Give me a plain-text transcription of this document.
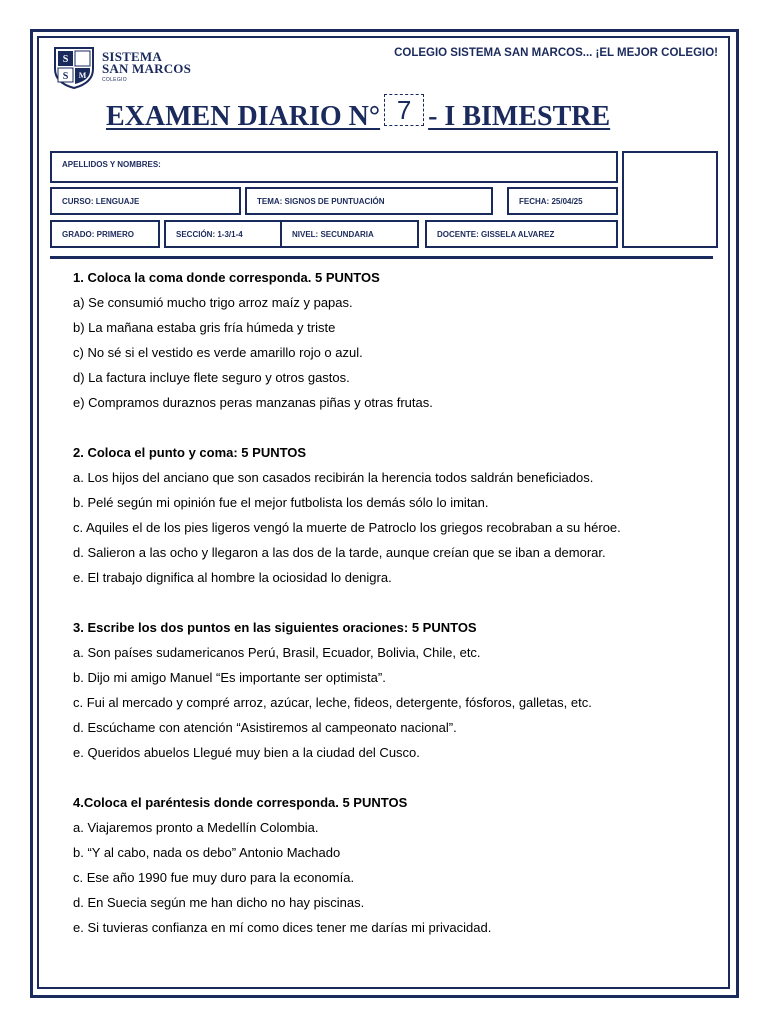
S
S M
SISTEMA
SAN MARCOS
COLEGIO
COLEGIO SISTEMA SAN MARCOS... ¡EL MEJOR COLEGIO!
EXAMEN DIARIO N° 7 - I BIMESTRE
APELLIDOS Y NOMBRES:
CURSO: LENGUAJE	TEMA: SIGNOS DE PUNTUACIÓN	FECHA: 25/04/25
GRADO: PRIMERO	SECCIÓN: 1-3/1-4	NIVEL: SECUNDARIA	DOCENTE: GISSELA ALVAREZ
1. Coloca la coma donde corresponda. 5 PUNTOS
a) Se consumió mucho trigo arroz maíz y papas.
b) La mañana estaba gris fría húmeda y triste
c) No sé si el vestido es verde amarillo rojo o azul.
d) La factura incluye flete seguro y otros gastos.
e) Compramos duraznos peras manzanas piñas y otras frutas.
2. Coloca el punto y coma: 5 PUNTOS
a. Los hijos del anciano que son casados recibirán la herencia todos saldrán beneficiados.
b. Pelé según mi opinión fue el mejor futbolista los demás sólo lo imitan.
c. Aquiles el de los pies ligeros vengó la muerte de Patroclo los griegos recobraban a su héroe.
d. Salieron a las ocho y llegaron a las dos de la tarde, aunque creían que se iban a demorar.
e. El trabajo dignifica al hombre la ociosidad lo denigra.
3. Escribe los dos puntos en las siguientes oraciones: 5 PUNTOS
a. Son países sudamericanos Perú, Brasil, Ecuador, Bolivia, Chile, etc.
b. Dijo mi amigo Manuel “Es importante ser optimista”.
c. Fui al mercado y compré arroz, azúcar, leche, fideos, detergente, fósforos, galletas, etc.
d. Escúchame con atención “Asistiremos al campeonato nacional”.
e. Queridos abuelos Llegué muy bien a la ciudad del Cusco.
4.Coloca el paréntesis donde corresponda. 5 PUNTOS
a. Viajaremos pronto a Medellín Colombia.
b. “Y al cabo, nada os debo” Antonio Machado
c. Ese año 1990 fue muy duro para la economía.
d. En Suecia según me han dicho no hay piscinas.
e. Si tuvieras confianza en mí como dices tener me darías mi privacidad.
